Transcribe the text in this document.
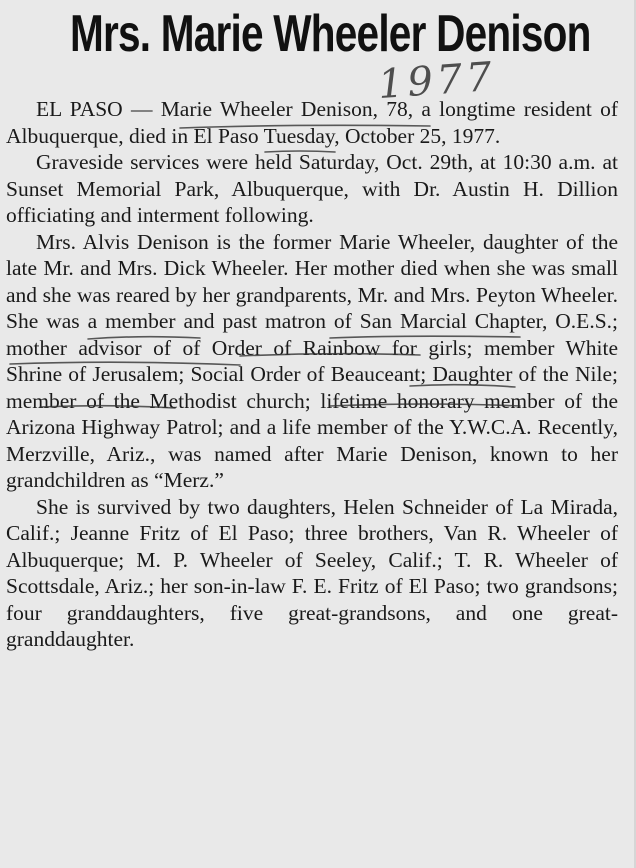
Mrs. Marie Wheeler Denison
1977

EL PASO — Marie Wheeler Denison, 78, a longtime resident of Albuquerque, died in El Paso Tuesday, October 25, 1977.

Graveside services were held Saturday, Oct. 29th, at 10:30 a.m. at Sunset Memorial Park, Albuquerque, with Dr. Austin H. Dillion officiating and interment following.

Mrs. Alvis Denison is the former Marie Wheeler, daughter of the late Mr. and Mrs. Dick Wheeler. Her mother died when she was small and she was reared by her grandparents, Mr. and Mrs. Peyton Wheeler. She was a member and past matron of San Marcial Chapter, O.E.S.; mother advisor of of Order of Rainbow for girls; member White Shrine of Jerusalem; Social Order of Beauceant; Daughter of the Nile; member of the Methodist church; lifetime honorary member of the Arizona Highway Patrol; and a life member of the Y.W.C.A. Recently, Merzville, Ariz., was named after Marie Denison, known to her grandchildren as “Merz.”

She is survived by two daughters, Helen Schneider of La Mirada, Calif.; Jeanne Fritz of El Paso; three brothers, Van R. Wheeler of Albuquerque; M. P. Wheeler of Seeley, Calif.; T. R. Wheeler of Scottsdale, Ariz.; her son-in-law F. E. Fritz of El Paso; two grandsons; four granddaughters, five great-grandsons, and one great-granddaughter.
